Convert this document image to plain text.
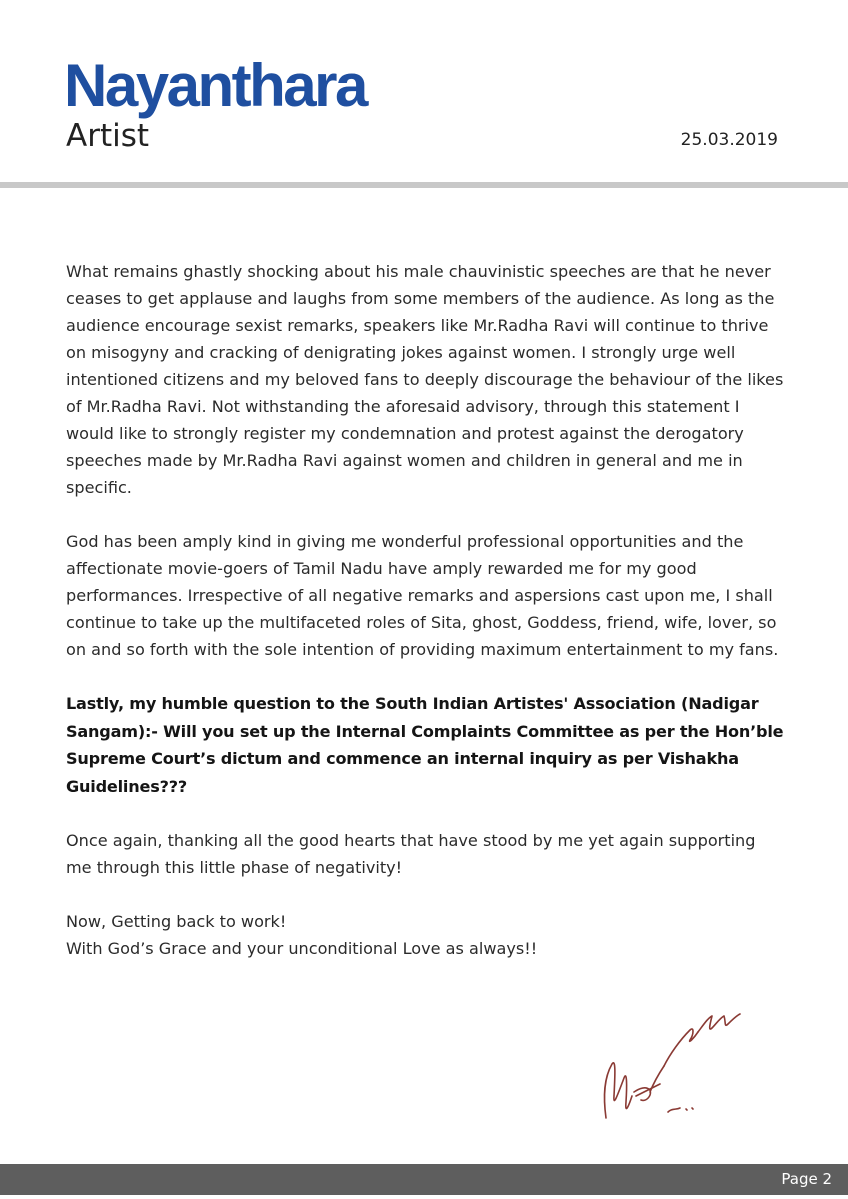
Nayanthara
Artist	25.03.2019

What remains ghastly shocking about his male chauvinistic speeches are that he never ceases to get applause and laughs from some members of the audience. As long as the audience encourage sexist remarks, speakers like Mr.Radha Ravi will continue to thrive on misogyny and cracking of denigrating jokes against women. I strongly urge well intentioned citizens and my beloved fans to deeply discourage the behaviour of the likes of Mr.Radha Ravi. Not withstanding the aforesaid advisory, through this statement I would like to strongly register my condemnation and protest against the derogatory speeches made by Mr.Radha Ravi against women and children in general and me in specific.

God has been amply kind in giving me wonderful professional opportunities and the affectionate movie-goers of Tamil Nadu have amply rewarded me for my good performances. Irrespective of all negative remarks and aspersions cast upon me, I shall continue to take up the multifaceted roles of Sita, ghost, Goddess, friend, wife, lover, so on and so forth with the sole intention of providing maximum entertainment to my fans.

Lastly, my humble question to the South Indian Artistes' Association (Nadigar Sangam):- Will you set up the Internal Complaints Committee as per the Hon’ble Supreme Court’s dictum and commence an internal inquiry as per Vishakha Guidelines???

Once again, thanking all the good hearts that have stood by me yet again supporting me through this little phase of negativity!

Now, Getting back to work!
With God’s Grace and your unconditional Love as always!!

Page 2
